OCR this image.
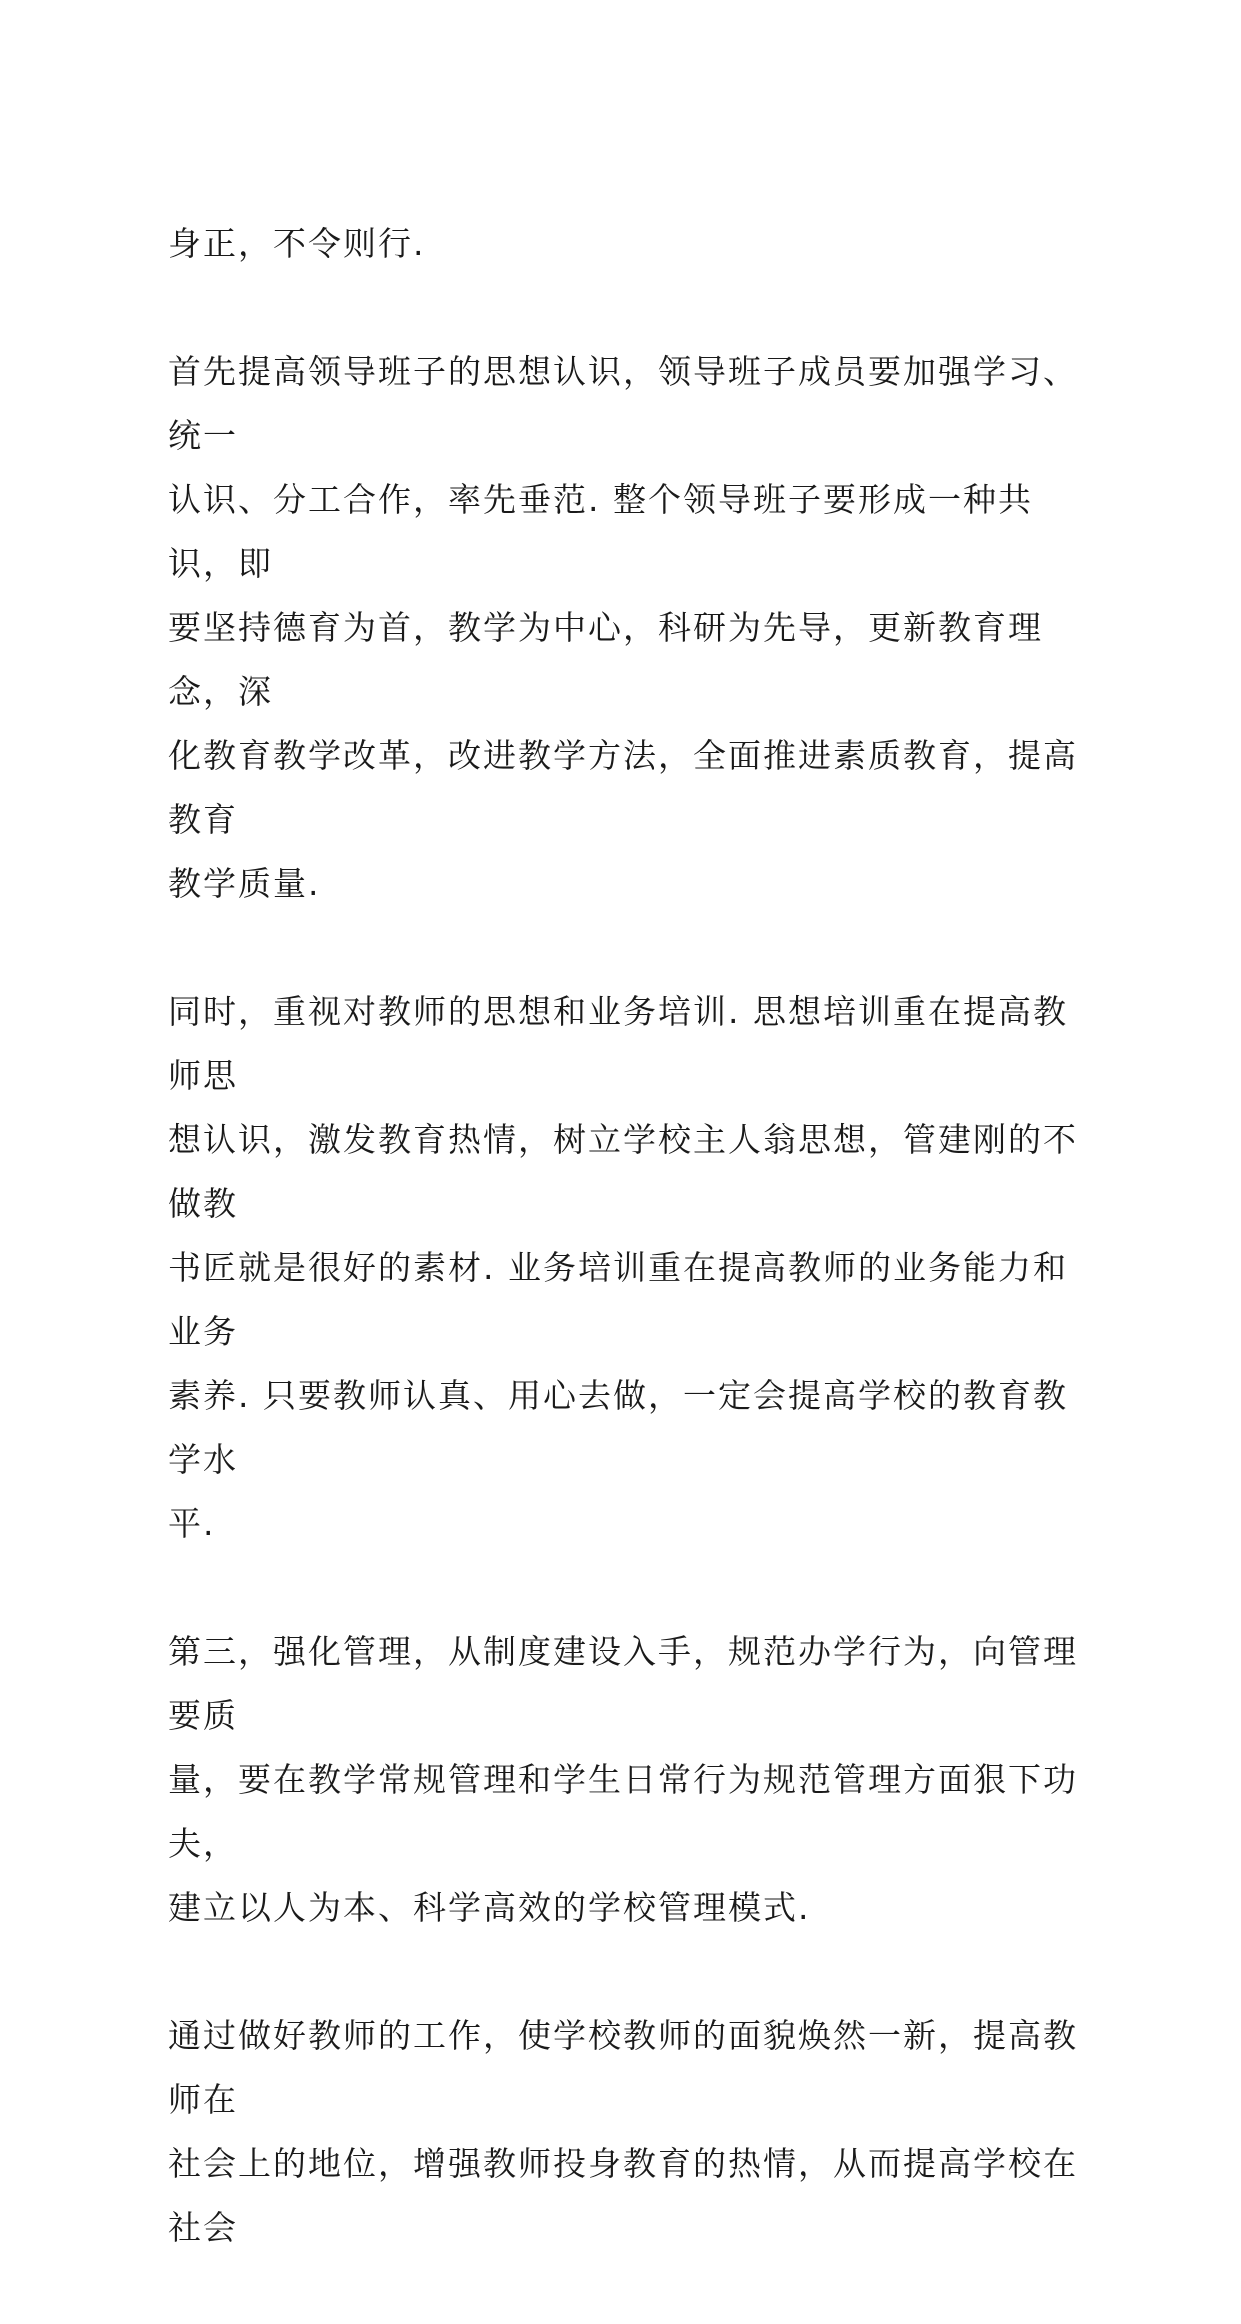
身正，不令则行.

首先提高领导班子的思想认识，领导班子成员要加强学习、统一
认识、分工合作，率先垂范. 整个领导班子要形成一种共识，即
要坚持德育为首，教学为中心，科研为先导，更新教育理念，深
化教育教学改革，改进教学方法，全面推进素质教育，提高教育
教学质量.

同时，重视对教师的思想和业务培训. 思想培训重在提高教师思
想认识，激发教育热情，树立学校主人翁思想，管建刚的不做教
书匠就是很好的素材. 业务培训重在提高教师的业务能力和业务
素养. 只要教师认真、用心去做，一定会提高学校的教育教学水
平.

第三，强化管理，从制度建设入手，规范办学行为，向管理要质
量，要在教学常规管理和学生日常行为规范管理方面狠下功夫，
建立以人为本、科学高效的学校管理模式.

通过做好教师的工作，使学校教师的面貌焕然一新，提高教师在
社会上的地位，增强教师投身教育的热情，从而提高学校在社会
